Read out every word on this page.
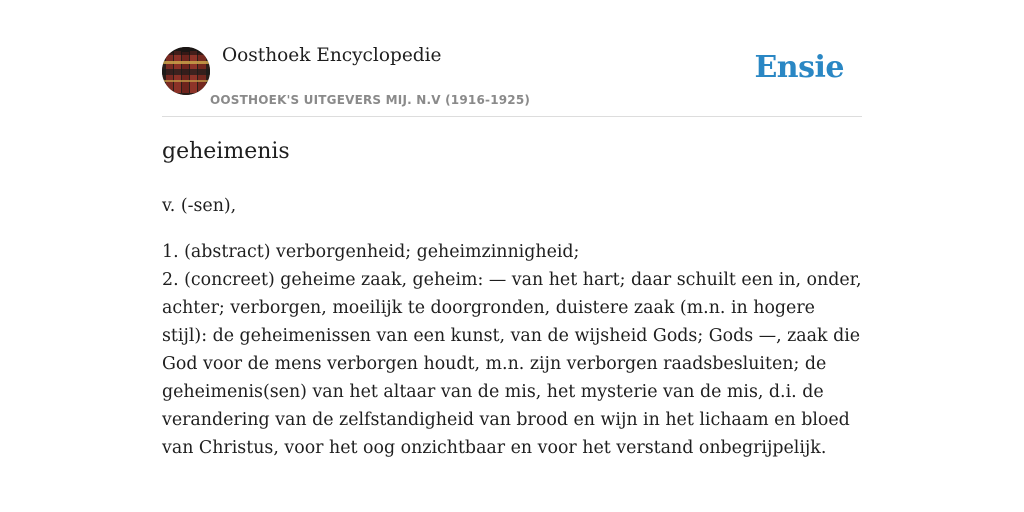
Oosthoek Encyclopedie
OOSTHOEK'S UITGEVERS MIJ. N.V (1916-1925)
Ensie
geheimenis

v. (-sen),

1. (abstract) verborgenheid; geheimzinnigheid;

2. (concreet) geheime zaak, geheim: — van het hart; daar schuilt een in, onder, achter; verborgen, moeilijk te doorgronden, duistere zaak (m.n. in hogere stijl): de geheimenissen van een kunst, van de wijsheid Gods; Gods —, zaak die God voor de mens verborgen houdt, m.n. zijn verborgen raadsbesluiten; de geheimenis(sen) van het altaar van de mis, het mysterie van de mis, d.i. de verandering van de zelfstandigheid van brood en wijn in het lichaam en bloed van Christus, voor het oog onzichtbaar en voor het verstand onbegrijpelijk.
